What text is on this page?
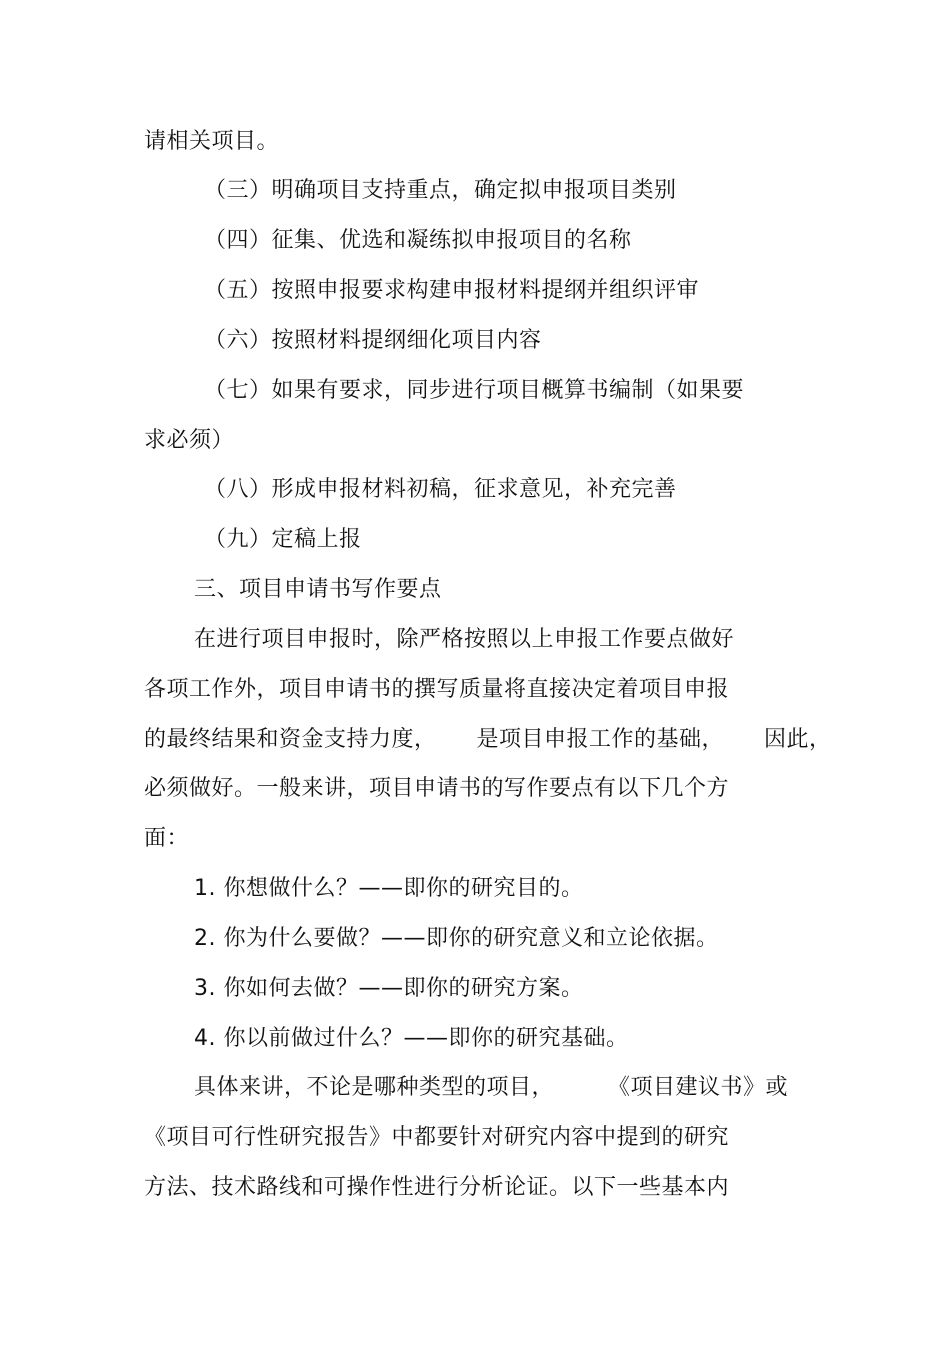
请相关项目。
（三）明确项目支持重点，确定拟申报项目类别
（四）征集、优选和凝练拟申报项目的名称
（五）按照申报要求构建申报材料提纲并组织评审
（六）按照材料提纲细化项目内容
（七）如果有要求，同步进行项目概算书编制（如果要
求必须）
（八）形成申报材料初稿，征求意见，补充完善
（九）定稿上报
三、项目申请书写作要点
在进行项目申报时，除严格按照以上申报工作要点做好
各项工作外，项目申请书的撰写质量将直接决定着项目申报
的最终结果和资金支持力度， 是项目申报工作的基础， 因此，
必须做好。一般来讲，项目申请书的写作要点有以下几个方
面：
1. 你想做什么？——即你的研究目的。
2. 你为什么要做？——即你的研究意义和立论依据。
3. 你如何去做？——即你的研究方案。
4. 你以前做过什么？——即你的研究基础。
具体来讲，不论是哪种类型的项目， 《项目建议书》或
《项目可行性研究报告》中都要针对研究内容中提到的研究
方法、技术路线和可操作性进行分析论证。以下一些基本内
